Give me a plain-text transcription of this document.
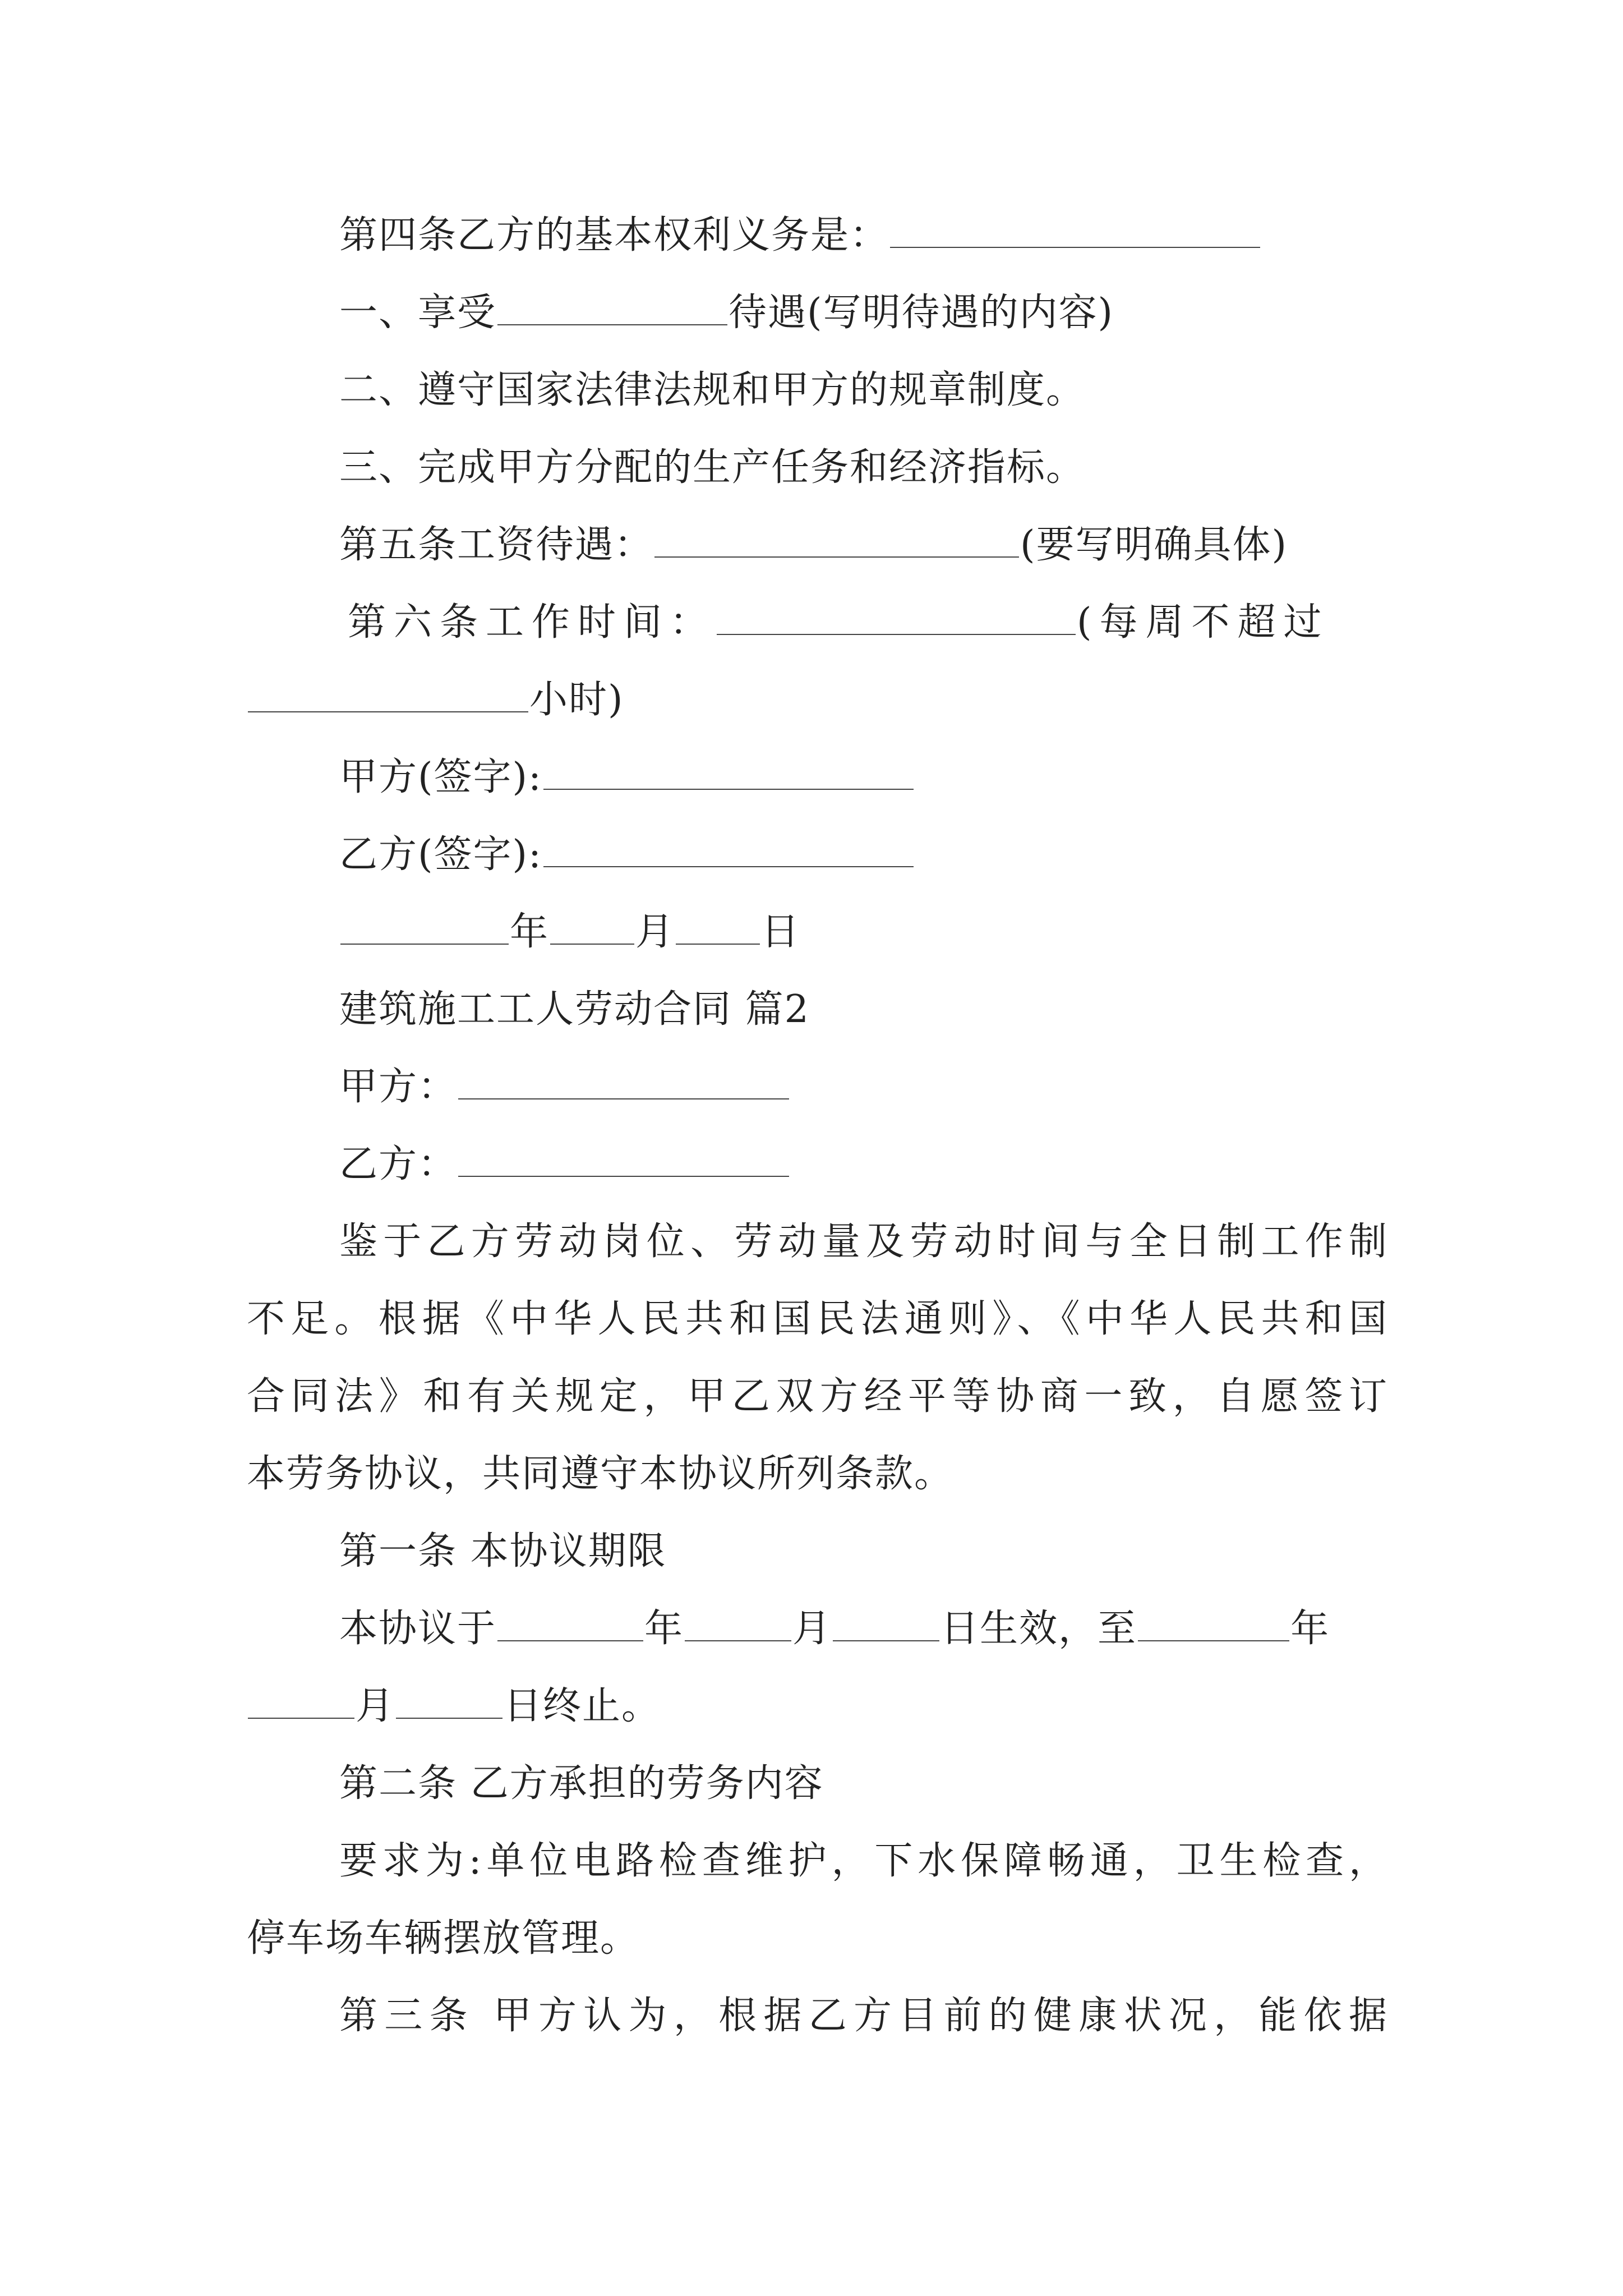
第四条乙方的基本权利义务是：
一、享受	待遇(写明待遇的内容)
二、遵守国家法律法规和甲方的规章制度。
三、完成甲方分配的生产任务和经济指标。
第五条工资待遇：	(要写明确具体)
第六条工作时间：	(每周不超过
小时)
甲方(签字):
乙方(签字):
年 月 日
建筑施工工人劳动合同 篇2
甲方：
乙方：
鉴于乙方劳动岗位、劳动量及劳动时间与全日制工作制
不足。根据《中华人民共和国民法通则》、《中华人民共和国
合同法》和有关规定，甲乙双方经平等协商一致，自愿签订
本劳务协议，共同遵守本协议所列条款。
第一条 本协议期限
本协议于	年	月	日生效，至	年
月	日终止。
第二条 乙方承担的劳务内容
要求为:单位电路检查维护，下水保障畅通，卫生检查，
停车场车辆摆放管理。
第三条 甲方认为，根据乙方目前的健康状况，能依据
